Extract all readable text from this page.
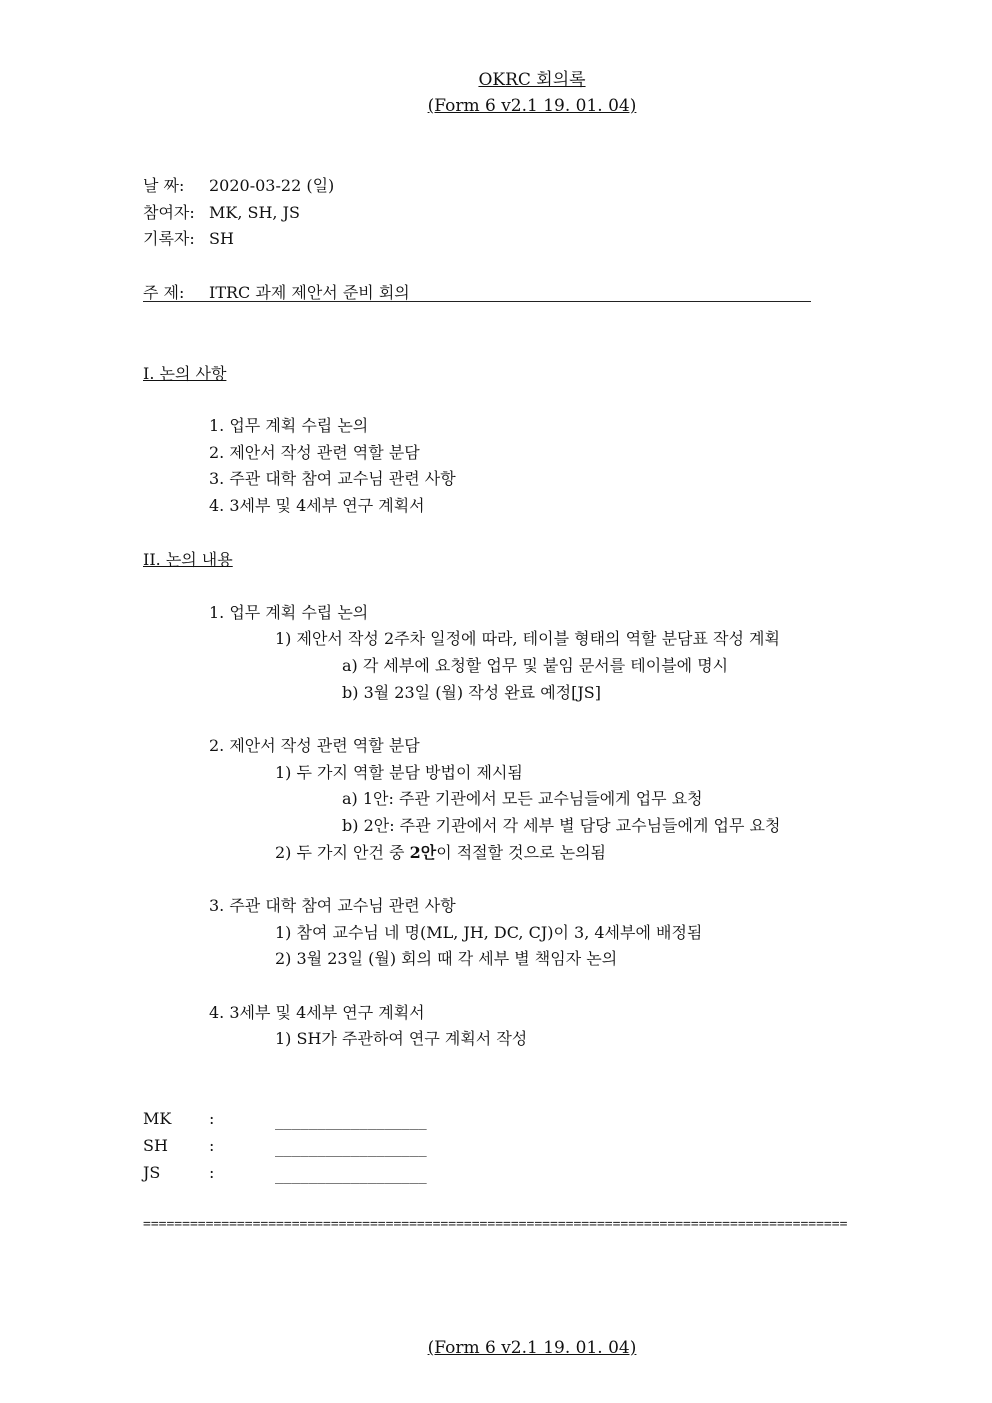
OKRC 회의록
(Form 6 v2.1 19. 01. 04)
날 짜: 2020-03-22 (일)
참여자: MK, SH, JS
기록자: SH
주 제: ITRC 과제 제안서 준비 회의
I. 논의 사항
1. 업무 계획 수립 논의
2. 제안서 작성 관련 역할 분담
3. 주관 대학 참여 교수님 관련 사항
4. 3세부 및 4세부 연구 계획서
II. 논의 내용
1. 업무 계획 수립 논의
1) 제안서 작성 2주차 일정에 따라, 테이블 형태의 역할 분담표 작성 계획
a) 각 세부에 요청할 업무 및 붙임 문서를 테이블에 명시
b) 3월 23일 (월) 작성 완료 예정[JS]
2. 제안서 작성 관련 역할 분담
1) 두 가지 역할 분담 방법이 제시됨
a) 1안: 주관 기관에서 모든 교수님들에게 업무 요청
b) 2안: 주관 기관에서 각 세부 별 담당 교수님들에게 업무 요청
2) 두 가지 안건 중 2안이 적절할 것으로 논의됨
3. 주관 대학 참여 교수님 관련 사항
1) 참여 교수님 네 명(ML, JH, DC, CJ)이 3, 4세부에 배정됨
2) 3월 23일 (월) 회의 때 각 세부 별 책임자 논의
4. 3세부 및 4세부 연구 계획서
1) SH가 주관하여 연구 계획서 작성
MK :	__________________
SH	:	__________________
JS	:	__________________
==========================================================================================
(Form 6 v2.1 19. 01. 04)
